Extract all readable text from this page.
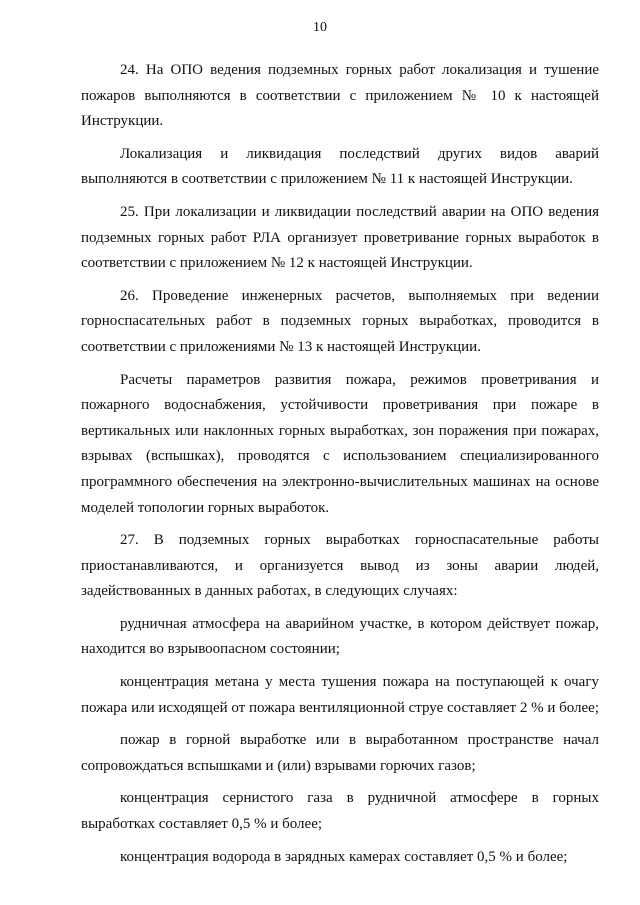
10

24. На ОПО ведения подземных горных работ локализация и тушение пожаров выполняются в соответствии с приложением № 10 к настоящей Инструкции.

Локализация и ликвидация последствий других видов аварий выполняются в соответствии с приложением № 11 к настоящей Инструкции.

25. При локализации и ликвидации последствий аварии на ОПО ведения подземных горных работ РЛА организует проветривание горных выработок в соответствии с приложением № 12 к настоящей Инструкции.

26. Проведение инженерных расчетов, выполняемых при ведении горноспасательных работ в подземных горных выработках, проводится в соответствии с приложениями № 13 к настоящей Инструкции.

Расчеты параметров развития пожара, режимов проветривания и пожарного водоснабжения, устойчивости проветривания при пожаре в вертикальных или наклонных горных выработках, зон поражения при пожарах, взрывах (вспышках), проводятся с использованием специализированного программного обеспечения на электронно-вычислительных машинах на основе моделей топологии горных выработок.

27. В подземных горных выработках горноспасательные работы приостанавливаются, и организуется вывод из зоны аварии людей, задействованных в данных работах, в следующих случаях:

рудничная атмосфера на аварийном участке, в котором действует пожар, находится во взрывоопасном состоянии;

концентрация метана у места тушения пожара на поступающей к очагу пожара или исходящей от пожара вентиляционной струе составляет 2 % и более;

пожар в горной выработке или в выработанном пространстве начал сопровождаться вспышками и (или) взрывами горючих газов;

концентрация сернистого газа в рудничной атмосфере в горных выработках составляет 0,5 % и более;

концентрация водорода в зарядных камерах составляет 0,5 % и более;
